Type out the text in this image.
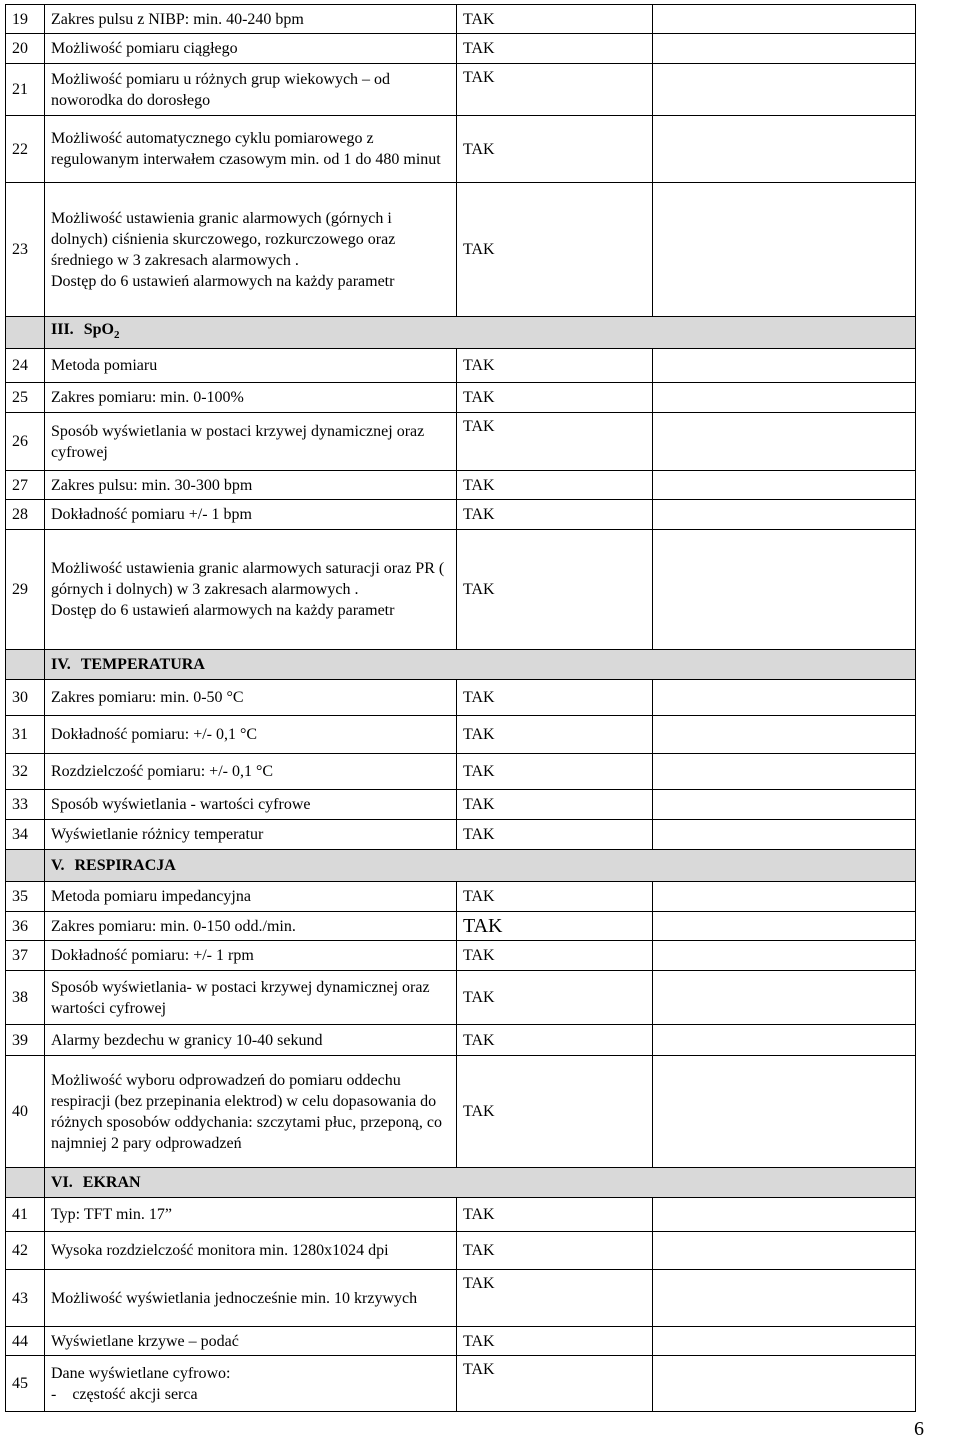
19	Zakres pulsu z NIBP: min. 40-240 bpm	TAK	
20	Możliwość pomiaru ciągłego	TAK	
21	Możliwość pomiaru u różnych grup wiekowych – od noworodka do dorosłego	TAK	
22	Możliwość automatycznego cyklu pomiarowego z regulowanym interwałem czasowym min. od 1 do 480 minut	TAK	
23	Możliwość ustawienia granic alarmowych (górnych i dolnych) ciśnienia skurczowego, rozkurczowego oraz średniego w 3 zakresach alarmowych .
Dostęp do 6 ustawień alarmowych na każdy parametr	TAK	
	III. SpO$_2$
24	Metoda pomiaru	TAK	
25	Zakres pomiaru: min. 0-100%	TAK	
26	Sposób wyświetlania w postaci krzywej dynamicznej oraz cyfrowej	TAK	
27	Zakres pulsu: min. 30-300 bpm	TAK	
28	Dokładność pomiaru +/- 1 bpm	TAK	
29	Możliwość ustawienia granic alarmowych saturacji oraz PR ( górnych i dolnych) w 3 zakresach alarmowych .
Dostęp do 6 ustawień alarmowych na każdy parametr	TAK	
	IV. TEMPERATURA		
30	Zakres pomiaru: min. 0-50 °C	TAK	
31	Dokładność pomiaru: +/- 0,1 °C	TAK	
32	Rozdzielczość pomiaru: +/- 0,1 °C	TAK	
33	Sposób wyświetlania - wartości cyfrowe	TAK	
34	Wyświetlanie różnicy temperatur	TAK	
	V. RESPIRACJA		
35	Metoda pomiaru impedancyjna	TAK	
36	Zakres pomiaru: min. 0-150 odd./min.	TAK	
37	Dokładność pomiaru: +/- 1 rpm	TAK	
38	Sposób wyświetlania- w postaci krzywej dynamicznej oraz wartości cyfrowej	TAK	
39	Alarmy bezdechu w granicy 10-40 sekund	TAK	
40	Możliwość wyboru odprowadzeń do pomiaru oddechu respiracji (bez przepinania elektrod) w celu dopasowania do różnych sposobów oddychania: szczytami płuc, przeponą, co najmniej 2 pary odprowadzeń	TAK	
	VI. EKRAN		
41	Typ: TFT min. 17”	TAK	
42	Wysoka rozdzielczość monitora min. 1280x1024 dpi	TAK	
43	Możliwość wyświetlania jednocześnie min. 10 krzywych	TAK	
44	Wyświetlane krzywe – podać	TAK	
45	Dane wyświetlane cyfrowo:
-    częstość akcji serca	TAK	
6
